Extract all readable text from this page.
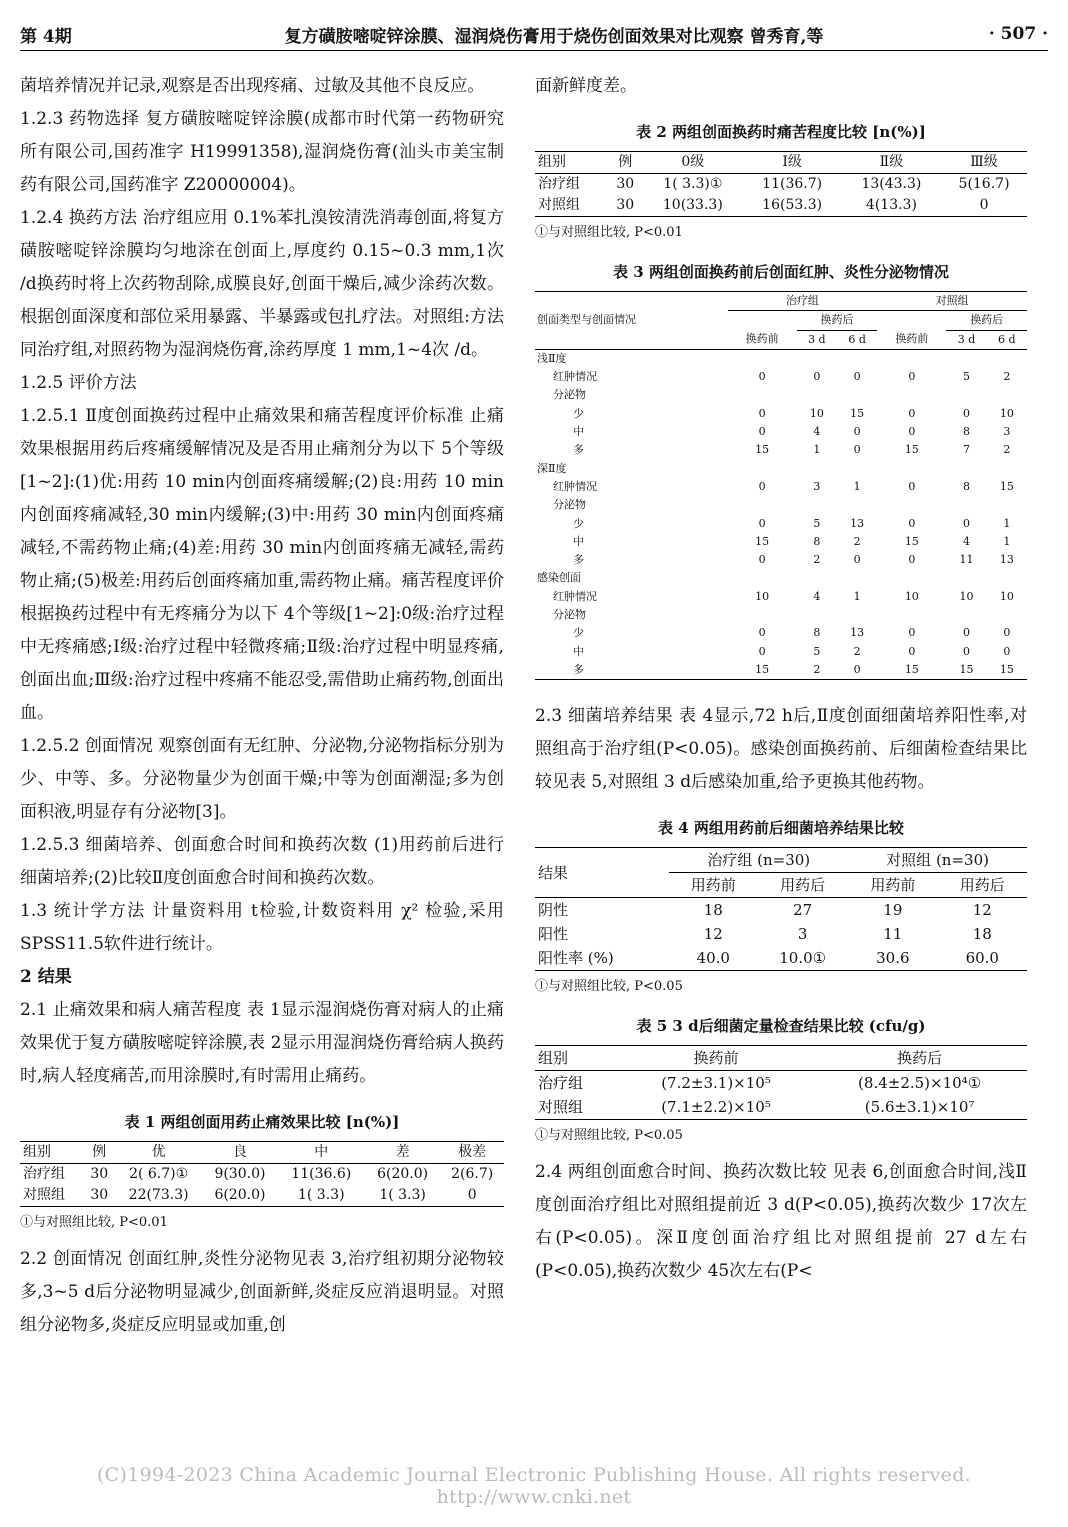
第 4期	复方磺胺嘧啶锌涂膜、湿润烧伤膏用于烧伤创面效果对比观察 曾秀育,等	· 507 ·

菌培养情况并记录,观察是否出现疼痛、过敏及其他不良反应。

1.2.3 药物选择 复方磺胺嘧啶锌涂膜(成都市时代第一药物研究所有限公司,国药准字 H19991358),湿润烧伤膏(汕头市美宝制药有限公司,国药准字 Z20000004)。

1.2.4 换药方法 治疗组应用 0.1%苯扎溴铵清洗消毒创面,将复方磺胺嘧啶锌涂膜均匀地涂在创面上,厚度约 0.15~0.3 mm,1次 /d换药时将上次药物刮除,成膜良好,创面干燥后,减少涂药次数。根据创面深度和部位采用暴露、半暴露或包扎疗法。对照组:方法同治疗组,对照药物为湿润烧伤膏,涂药厚度 1 mm,1~4次 /d。

1.2.5 评价方法

1.2.5.1 Ⅱ度创面换药过程中止痛效果和痛苦程度评价标准 止痛效果根据用药后疼痛缓解情况及是否用止痛剂分为以下 5个等级[1~2]:(1)优:用药 10 min内创面疼痛缓解;(2)良:用药 10 min内创面疼痛减轻,30 min内缓解;(3)中:用药 30 min内创面疼痛减轻,不需药物止痛;(4)差:用药 30 min内创面疼痛无减轻,需药物止痛;(5)极差:用药后创面疼痛加重,需药物止痛。痛苦程度评价根据换药过程中有无疼痛分为以下 4个等级[1~2]:0级:治疗过程中无疼痛感;Ⅰ级:治疗过程中轻微疼痛;Ⅱ级:治疗过程中明显疼痛,创面出血;Ⅲ级:治疗过程中疼痛不能忍受,需借助止痛药物,创面出血。

1.2.5.2 创面情况 观察创面有无红肿、分泌物,分泌物指标分别为少、中等、多。分泌物量少为创面干燥;中等为创面潮湿;多为创面积液,明显存有分泌物[3]。

1.2.5.3 细菌培养、创面愈合时间和换药次数 (1)用药前后进行细菌培养;(2)比较Ⅱ度创面愈合时间和换药次数。

1.3 统计学方法 计量资料用 t检验,计数资料用 χ² 检验,采用 SPSS11.5软件进行统计。

2 结果

2.1 止痛效果和病人痛苦程度 表 1显示湿润烧伤膏对病人的止痛效果优于复方磺胺嘧啶锌涂膜,表 2显示用湿润烧伤膏给病人换药时,病人轻度痛苦,而用涂膜时,有时需用止痛药。

表 1 两组创面用药止痛效果比较 [n(%)]
组别	例	优	良	中	差	极差
治疗组	30	2( 6.7)①	9(30.0)	11(36.6)	6(20.0)	2(6.7)
对照组	30	22(73.3)	6(20.0)	1( 3.3)	1( 3.3)	0
①与对照组比较, P<0.01

2.2 创面情况 创面红肿,炎性分泌物见表 3,治疗组初期分泌物较多,3~5 d后分泌物明显减少,创面新鲜,炎症反应消退明显。对照组分泌物多,炎症反应明显或加重,创

面新鲜度差。

表 2 两组创面换药时痛苦程度比较 [n(%)]
组别	例	0级	Ⅰ级	Ⅱ级	Ⅲ级
治疗组	30	1( 3.3)①	11(36.7)	13(43.3)	5(16.7)
对照组	30	10(33.3)	16(53.3)	4(13.3)	0
①与对照组比较, P<0.01
表 3 两组创面换药前后创面红肿、炎性分泌物情况
创面类型与创面情况	治疗组			对照组		
		换药后			换药后	
	换药前	3 d	6 d	换药前	3 d	6 d
浅Ⅱ度						
红肿情况	0	0	0	0	5	2
分泌物						
少	0	10	15	0	0	10
中	0	4	0	0	8	3
多	15	1	0	15	7	2
深Ⅱ度						
红肿情况	0	3	1	0	8	15
分泌物						
少	0	5	13	0	0	1
中	15	8	2	15	4	1
多	0	2	0	0	11	13
感染创面						
红肿情况	10	4	1	10	10	10
分泌物						
少	0	8	13	0	0	0
中	0	5	2	0	0	0
多	15	2	0	15	15	15

2.3 细菌培养结果 表 4显示,72 h后,Ⅱ度创面细菌培养阳性率,对照组高于治疗组(P<0.05)。感染创面换药前、后细菌检查结果比较见表 5,对照组 3 d后感染加重,给予更换其他药物。

表 4 两组用药前后细菌培养结果比较
结果	治疗组 (n=30)		对照组 (n=30)	
	用药前	用药后	用药前	用药后
阴性	18	27	19	12
阳性	12	3	11	18
阳性率 (%)	40.0	10.0①	30.6	60.0
①与对照组比较, P<0.05
表 5 3 d后细菌定量检查结果比较 (cfu/g)
组别	换药前	换药后
治疗组	(7.2±3.1)×10⁵	(8.4±2.5)×10⁴①
对照组	(7.1±2.2)×10⁵	(5.6±3.1)×10⁷
①与对照组比较, P<0.05

2.4 两组创面愈合时间、换药次数比较 见表 6,创面愈合时间,浅Ⅱ度创面治疗组比对照组提前近 3 d(P<0.05),换药次数少 17次左右(P<0.05)。深Ⅱ度创面治疗组比对照组提前 27 d左右(P<0.05),换药次数少 45次左右(P<

(C)1994-2023 China Academic Journal Electronic Publishing House. All rights reserved. http://www.cnki.net
